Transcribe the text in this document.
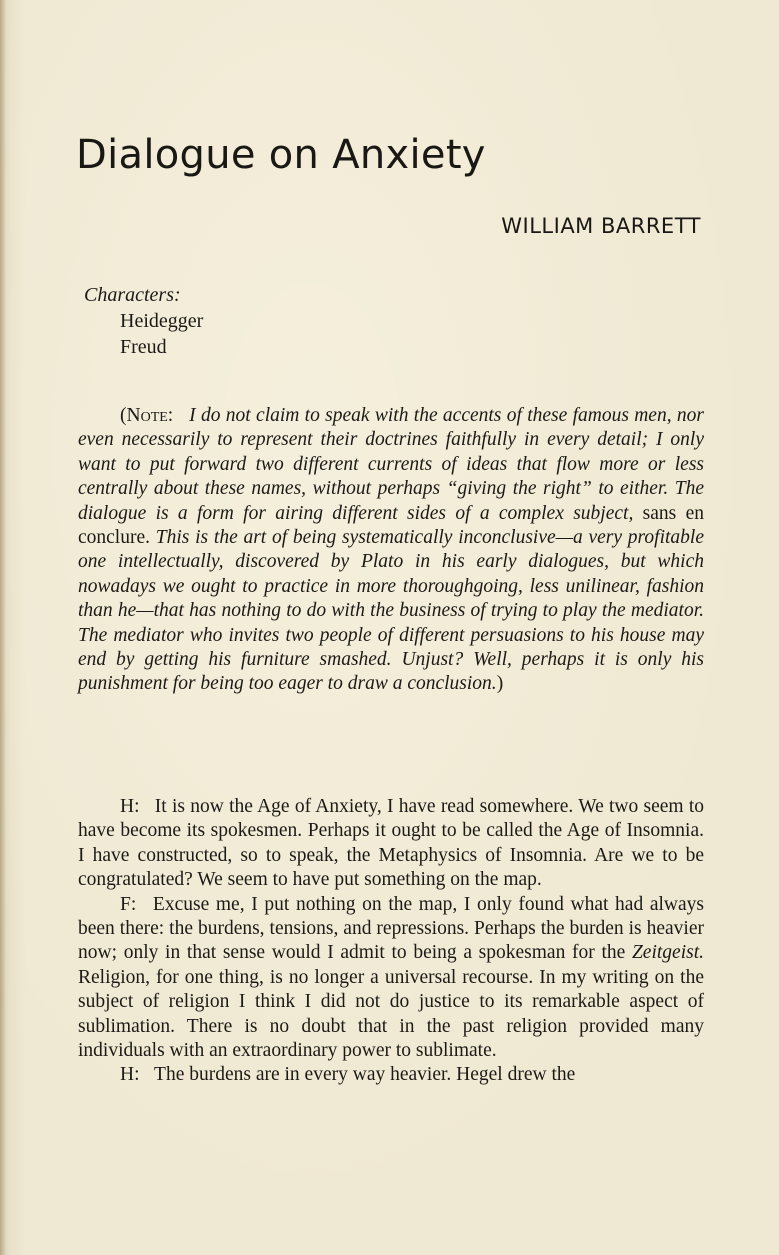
Dialogue on Anxiety
WILLIAM BARRETT
Characters:
Heidegger
Freud

(Note: I do not claim to speak with the accents of these famous men, nor even necessarily to represent their doctrines faithfully in every detail; I only want to put forward two different currents of ideas that flow more or less centrally about these names, without perhaps “giving the right” to either. The dialogue is a form for airing different sides of a complex subject, sans en conclure. This is the art of being systematically inconclusive—a very profitable one intellectually, discovered by Plato in his early dialogues, but which nowadays we ought to practice in more thoroughgoing, less unilinear, fashion than he—that has nothing to do with the business of trying to play the mediator. The mediator who invites two people of different persuasions to his house may end by getting his furniture smashed. Unjust? Well, perhaps it is only his punishment for being too eager to draw a conclusion.)

H: It is now the Age of Anxiety, I have read somewhere. We two seem to have become its spokesmen. Perhaps it ought to be called the Age of Insomnia. I have constructed, so to speak, the Metaphysics of Insomnia. Are we to be congratulated? We seem to have put something on the map.

F: Excuse me, I put nothing on the map, I only found what had always been there: the burdens, tensions, and repressions. Perhaps the burden is heavier now; only in that sense would I admit to being a spokesman for the Zeitgeist. Religion, for one thing, is no longer a universal recourse. In my writing on the subject of religion I think I did not do justice to its remarkable aspect of sublimation. There is no doubt that in the past religion provided many individuals with an extraordinary power to sublimate.

H: The burdens are in every way heavier. Hegel drew the
